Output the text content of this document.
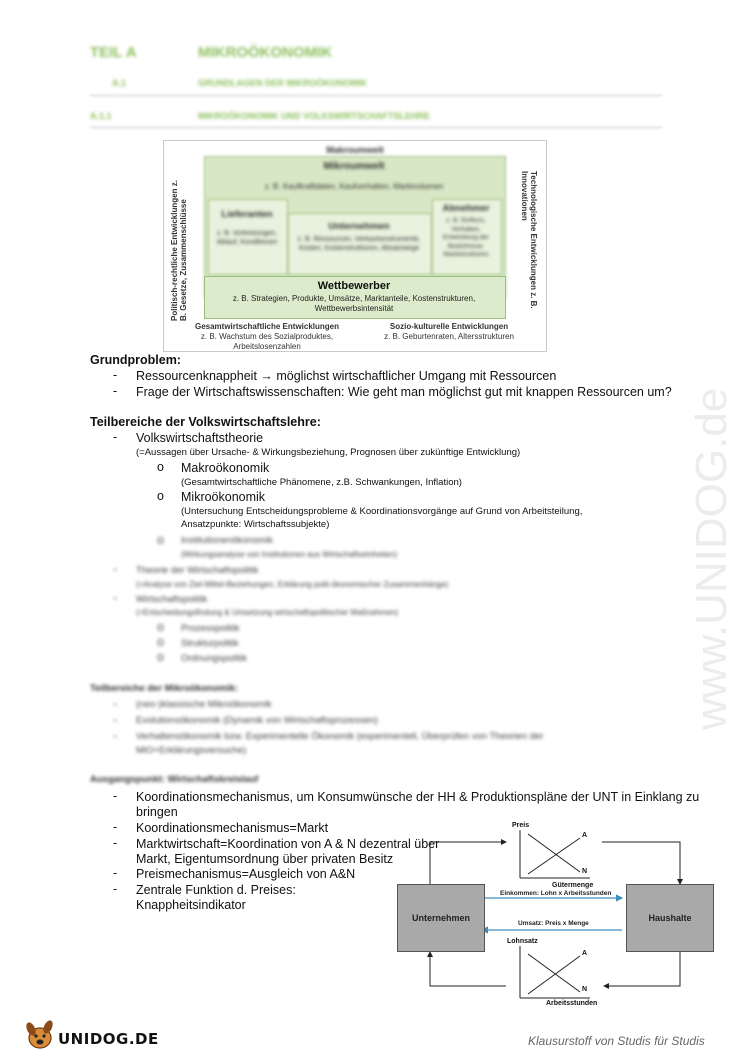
TEIL A	MIKROÖKONOMIK
A.1	GRUNDLAGEN DER MIKROÖKONOMIK
A.1.1	MIKROÖKONOMIK UND VOLKSWIRTSCHAFTSLEHRE
Makroumwelt
Mikroumwelt
z. B. Kaufkraftdaten, Kaufverhalten, Marktvolumen
Lieferanten
z. B. Vorleistungen, Ablauf, Konditionen
Unternehmen
z. B. Ressourcen, Verkaufsinstrumente, Kosten, Kostenstrukturen, Absatzwege
Abnehmer
z. B. Einfluss, Verhalten, Entwicklung der Bedürfnisse, Marktstrukturen
Wettbewerber
z. B. Strategien, Produkte, Umsätze, Marktanteile, Kostenstrukturen, Wettbewerbsintensität
Politisch-rechtliche Entwicklungen z. B. Gesetze, Zusammenschlüsse	Technologische Entwicklungen z. B. Innovationen
Gesamtwirtschaftliche Entwicklungen
z. B. Wachstum des Sozialproduktes,
Arbeitslosenzahlen
Sozio-kulturelle Entwicklungen
z. B. Geburtenraten, Altersstrukturen
Grundproblem:
- Ressourcenknappheit → möglichst wirtschaftlicher Umgang mit Ressourcen
- Frage der Wirtschaftswissenschaften: Wie geht man möglichst gut mit knappen Ressourcen um?
Teilbereiche der Volkswirtschaftslehre:
- Volkswirtschaftstheorie
(=Aussagen über Ursache- & Wirkungsbeziehung, Prognosen über zukünftige Entwicklung)
o Makroökonomik
(Gesamtwirtschaftliche Phänomene, z.B. Schwankungen, Inflation)
o Mikroökonomik
(Untersuchung Entscheidungsprobleme & Koordinationsvorgänge auf Grund von Arbeitsteilung,
Ansatzpunkte: Wirtschaftssubjekte)
o Institutionenökonomik
(Wirkungsanalyse von Institutionen aus Wirtschaftseinheiten)
- Theorie der Wirtschaftspolitik
(=Analyse von Ziel-Mittel-Beziehungen, Erklärung polit-ökonomischer Zusammenhänge)
- Wirtschaftspolitik
(=Entscheidungsfindung & Umsetzung wirtschaftspolitischer Maßnahmen)
o Prozesspolitik
o Strukturpolitik
o Ordnungspolitik
Teilbereiche der Mikroökonomik:
- (neo-)klassische Mikroökonomik
- Evolutionsökonomik (Dynamik von Wirtschaftsprozessen)
- Verhaltensökonomik bzw. Experimentelle Ökonomik (experimentell, Überprüfen von Theorien der
MiO+Erklärungsversuche)
Ausgangspunkt: Wirtschaftskreislauf
- Koordinationsmechanismus, um Konsumwünsche der HH & Produktionspläne der UNT in Einklang zu
bringen
- Koordinationsmechanismus=Markt
- Marktwirtschaft=Koordination von A & N dezentral über
Markt, Eigentumsordnung über privaten Besitz
- Preismechanismus=Ausgleich von A&N
- Zentrale Funktion d. Preises:
Knappheitsindikator
Unternehmen	Haushalte
Preis
A
N
Gütermenge
Einkommen: Lohn x Arbeitsstunden
Umsatz: Preis x Menge
Lohnsatz
A
N
Arbeitsstunden
www.UNIDOG.de
UNIDOG.DE	Klausurstoff von Studis für Studis
